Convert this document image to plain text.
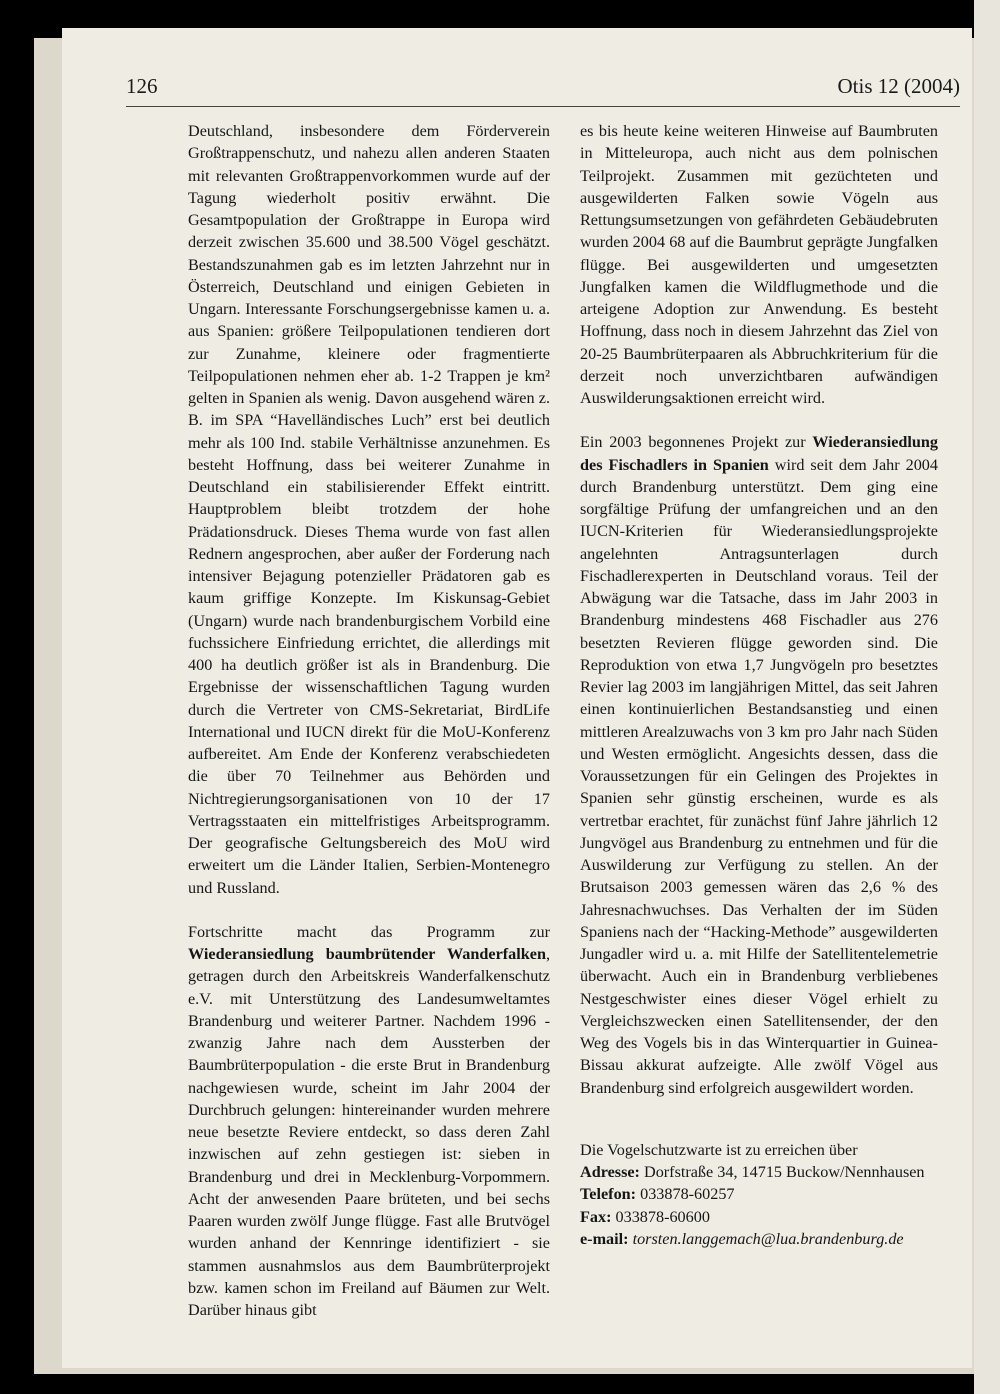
126	Otis 12 (2004)

Deutschland, insbesondere dem Förderverein Großtrappenschutz, und nahezu allen anderen Staaten mit relevanten Großtrappenvorkommen wurde auf der Tagung wiederholt positiv erwähnt. Die Gesamtpopulation der Großtrappe in Europa wird derzeit zwischen 35.600 und 38.500 Vögel geschätzt. Bestandszunahmen gab es im letzten Jahrzehnt nur in Österreich, Deutschland und einigen Gebieten in Ungarn. Interessante Forschungsergebnisse kamen u. a. aus Spanien: größere Teilpopulationen tendieren dort zur Zunahme, kleinere oder fragmentierte Teilpopulationen nehmen eher ab. 1-2 Trappen je km² gelten in Spanien als wenig. Davon ausgehend wären z. B. im SPA “Havelländisches Luch” erst bei deutlich mehr als 100 Ind. stabile Verhältnisse anzunehmen. Es besteht Hoffnung, dass bei weiterer Zunahme in Deutschland ein stabilisierender Effekt eintritt. Hauptproblem bleibt trotzdem der hohe Prädationsdruck. Dieses Thema wurde von fast allen Rednern angesprochen, aber außer der Forderung nach intensiver Bejagung potenzieller Prädatoren gab es kaum griffige Konzepte. Im Kiskunsag-Gebiet (Ungarn) wurde nach brandenburgischem Vorbild eine fuchssichere Einfriedung errichtet, die allerdings mit 400 ha deutlich größer ist als in Brandenburg. Die Ergebnisse der wissenschaftlichen Tagung wurden durch die Vertreter von CMS-Sekretariat, BirdLife International und IUCN direkt für die MoU-Konferenz aufbereitet. Am Ende der Konferenz verabschiedeten die über 70 Teilnehmer aus Behörden und Nichtregierungsorganisationen von 10 der 17 Vertragsstaaten ein mittelfristiges Arbeitsprogramm. Der geografische Geltungsbereich des MoU wird erweitert um die Länder Italien, Serbien-Montenegro und Russland.

Fortschritte macht das Programm zur Wiederansiedlung baumbrütender Wanderfalken, getragen durch den Arbeitskreis Wanderfalkenschutz e.V. mit Unterstützung des Landesumweltamtes Brandenburg und weiterer Partner. Nachdem 1996 - zwanzig Jahre nach dem Aussterben der Baumbrüterpopulation - die erste Brut in Brandenburg nachgewiesen wurde, scheint im Jahr 2004 der Durchbruch gelungen: hintereinander wurden mehrere neue besetzte Reviere entdeckt, so dass deren Zahl inzwischen auf zehn gestiegen ist: sieben in Brandenburg und drei in Mecklenburg-Vorpommern. Acht der anwesenden Paare brüteten, und bei sechs Paaren wurden zwölf Junge flügge. Fast alle Brutvögel wurden anhand der Kennringe identifiziert - sie stammen ausnahmslos aus dem Baumbrüterprojekt bzw. kamen schon im Freiland auf Bäumen zur Welt. Darüber hinaus gibt

es bis heute keine weiteren Hinweise auf Baumbruten in Mitteleuropa, auch nicht aus dem polnischen Teilprojekt. Zusammen mit gezüchteten und ausgewilderten Falken sowie Vögeln aus Rettungsumsetzungen von gefährdeten Gebäudebruten wurden 2004 68 auf die Baumbrut geprägte Jungfalken flügge. Bei ausgewilderten und umgesetzten Jungfalken kamen die Wildflugmethode und die arteigene Adoption zur Anwendung. Es besteht Hoffnung, dass noch in diesem Jahrzehnt das Ziel von 20-25 Baumbrüterpaaren als Abbruchkriterium für die derzeit noch unverzichtbaren aufwändigen Auswilderungsaktionen erreicht wird.

Ein 2003 begonnenes Projekt zur Wiederansiedlung des Fischadlers in Spanien wird seit dem Jahr 2004 durch Brandenburg unterstützt. Dem ging eine sorgfältige Prüfung der umfangreichen und an den IUCN-Kriterien für Wiederansiedlungsprojekte angelehnten Antragsunterlagen durch Fischadlerexperten in Deutschland voraus. Teil der Abwägung war die Tatsache, dass im Jahr 2003 in Brandenburg mindestens 468 Fischadler aus 276 besetzten Revieren flügge geworden sind. Die Reproduktion von etwa 1,7 Jungvögeln pro besetztes Revier lag 2003 im langjährigen Mittel, das seit Jahren einen kontinuierlichen Bestandsanstieg und einen mittleren Arealzuwachs von 3 km pro Jahr nach Süden und Westen ermöglicht. Angesichts dessen, dass die Voraussetzungen für ein Gelingen des Projektes in Spanien sehr günstig erscheinen, wurde es als vertretbar erachtet, für zunächst fünf Jahre jährlich 12 Jungvögel aus Brandenburg zu entnehmen und für die Auswilderung zur Verfügung zu stellen. An der Brutsaison 2003 gemessen wären das 2,6 % des Jahresnachwuchses. Das Verhalten der im Süden Spaniens nach der “Hacking-Methode” ausgewilderten Jungadler wird u. a. mit Hilfe der Satellitentelemetrie überwacht. Auch ein in Brandenburg verbliebenes Nestgeschwister eines dieser Vögel erhielt zu Vergleichszwecken einen Satellitensender, der den Weg des Vogels bis in das Winterquartier in Guinea-Bissau akkurat aufzeigte. Alle zwölf Vögel aus Brandenburg sind erfolgreich ausgewildert worden.

Die Vogelschutzwarte ist zu erreichen über
Adresse: Dorfstraße 34, 14715 Buckow/Nennhausen
Telefon: 033878-60257
Fax: 033878-60600
e-mail: torsten.langgemach@lua.brandenburg.de
